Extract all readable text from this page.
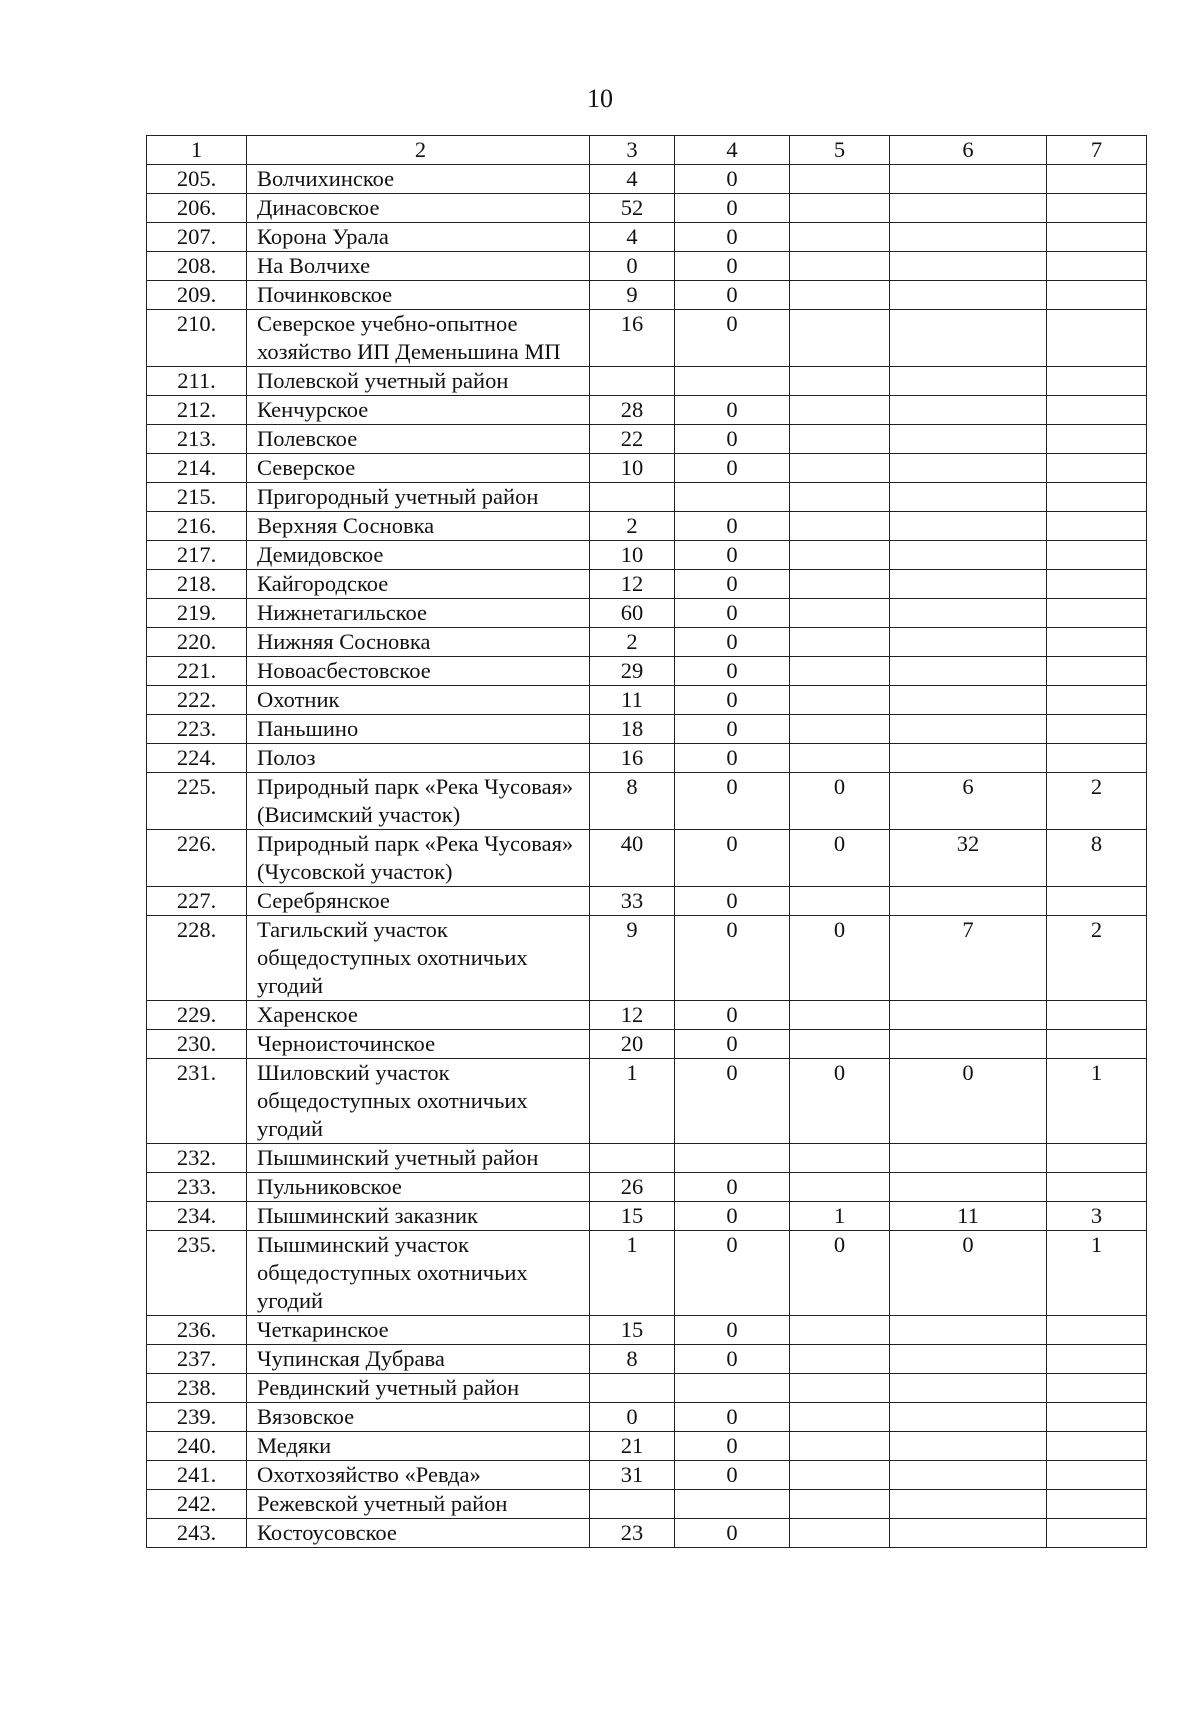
10
1	2	3	4	5	6	7
205.	Волчихинское	4	0			
206.	Динасовское	52	0			
207.	Корона Урала	4	0			
208.	На Волчихе	0	0			
209.	Починковское	9	0			
210.	Северское учебно-опытное хозяйство ИП Деменьшина МП	16	0			
211.	Полевской учетный район					
212.	Кенчурское	28	0			
213.	Полевское	22	0			
214.	Северское	10	0			
215.	Пригородный учетный район					
216.	Верхняя Сосновка	2	0			
217.	Демидовское	10	0			
218.	Кайгородское	12	0			
219.	Нижнетагильское	60	0			
220.	Нижняя Сосновка	2	0			
221.	Новоасбестовское	29	0			
222.	Охотник	11	0			
223.	Паньшино	18	0			
224.	Полоз	16	0			
225.	Природный парк «Река Чусовая» (Висимский участок)	8	0	0	6	2
226.	Природный парк «Река Чусовая» (Чусовской участок)	40	0	0	32	8
227.	Серебрянское	33	0			
228.	Тагильский участок общедоступных охотничьих угодий	9	0	0	7	2
229.	Харенское	12	0			
230.	Черноисточинское	20	0			
231.	Шиловский участок общедоступных охотничьих угодий	1	0	0	0	1
232.	Пышминский учетный район					
233.	Пульниковское	26	0			
234.	Пышминский заказник	15	0	1	11	3
235.	Пышминский участок общедоступных охотничьих угодий	1	0	0	0	1
236.	Четкаринское	15	0			
237.	Чупинская Дубрава	8	0			
238.	Ревдинский учетный район					
239.	Вязовское	0	0			
240.	Медяки	21	0			
241.	Охотхозяйство «Ревда»	31	0			
242.	Режевской учетный район					
243.	Костоусовское	23	0			
